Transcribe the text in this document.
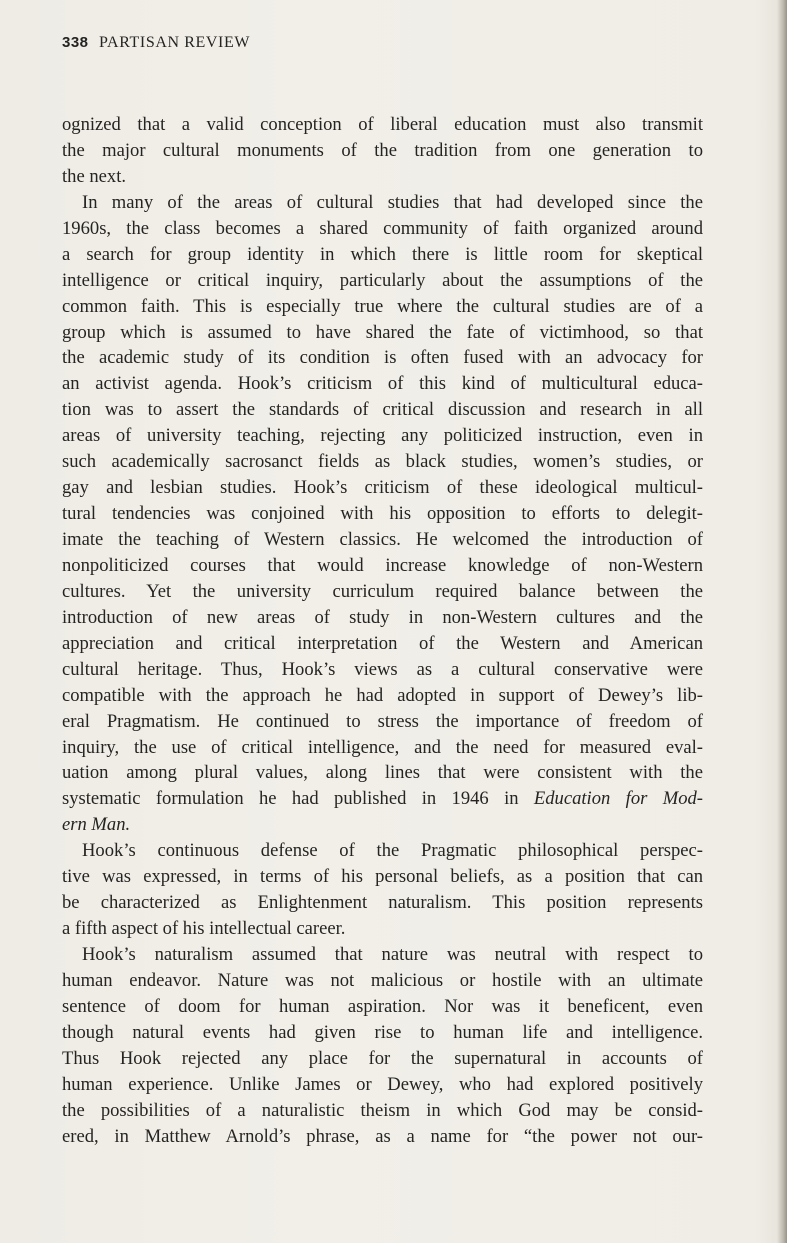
338 PARTISAN REVIEW
ognized that a valid conception of liberal education must also transmit
the major cultural monuments of the tradition from one generation to
the next.
In many of the areas of cultural studies that had developed since the
1960s, the class becomes a shared community of faith organized around
a search for group identity in which there is little room for skeptical
intelligence or critical inquiry, particularly about the assumptions of the
common faith. This is especially true where the cultural studies are of a
group which is assumed to have shared the fate of victimhood, so that
the academic study of its condition is often fused with an advocacy for
an activist agenda. Hook’s criticism of this kind of multicultural educa-
tion was to assert the standards of critical discussion and research in all
areas of university teaching, rejecting any politicized instruction, even in
such academically sacrosanct fields as black studies, women’s studies, or
gay and lesbian studies. Hook’s criticism of these ideological multicul-
tural tendencies was conjoined with his opposition to efforts to delegit-
imate the teaching of Western classics. He welcomed the introduction of
nonpoliticized courses that would increase knowledge of non-Western
cultures. Yet the university curriculum required balance between the
introduction of new areas of study in non-Western cultures and the
appreciation and critical interpretation of the Western and American
cultural heritage. Thus, Hook’s views as a cultural conservative were
compatible with the approach he had adopted in support of Dewey’s lib-
eral Pragmatism. He continued to stress the importance of freedom of
inquiry, the use of critical intelligence, and the need for measured eval-
uation among plural values, along lines that were consistent with the
systematic formulation he had published in 1946 in Education for Mod-
ern Man.
Hook’s continuous defense of the Pragmatic philosophical perspec-
tive was expressed, in terms of his personal beliefs, as a position that can
be characterized as Enlightenment naturalism. This position represents
a fifth aspect of his intellectual career.
Hook’s naturalism assumed that nature was neutral with respect to
human endeavor. Nature was not malicious or hostile with an ultimate
sentence of doom for human aspiration. Nor was it beneficent, even
though natural events had given rise to human life and intelligence.
Thus Hook rejected any place for the supernatural in accounts of
human experience. Unlike James or Dewey, who had explored positively
the possibilities of a naturalistic theism in which God may be consid-
ered, in Matthew Arnold’s phrase, as a name for “the power not our-
